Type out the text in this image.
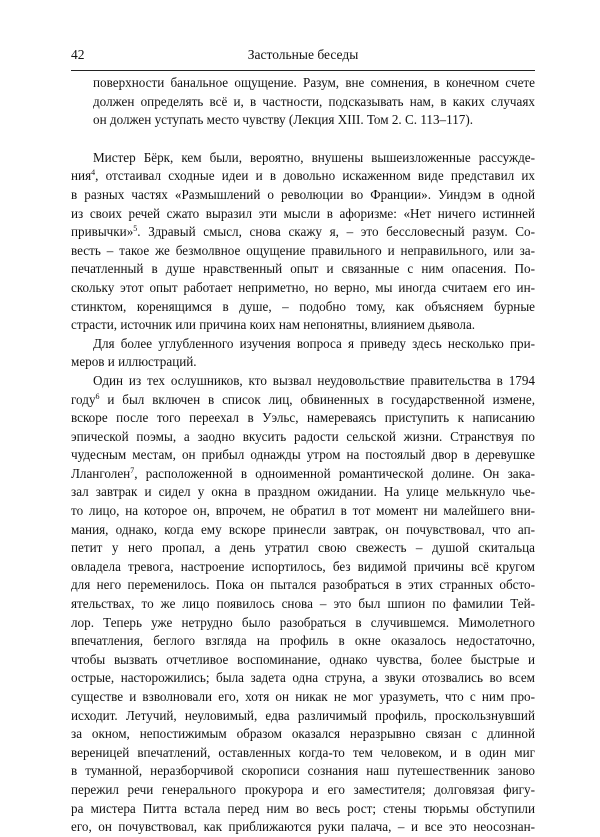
42	Застольные беседы

поверхности банальное ощущение. Разум, вне сомнения, в конечном счете
должен определять всё и, в частности, подсказывать нам, в каких случаях
он должен уступать место чувству (Лекция XIII. Том 2. С. 113–117).

Мистер Бёрк, кем были, вероятно, внушены вышеизложенные рассужде-
ния$^4$, отстаивал сходные идеи и в довольно искаженном виде представил их
в разных частях «Размышлений о революции во Франции». Уиндэм в одной
из своих речей сжато выразил эти мысли в афоризме: «Нет ничего истинней
привычки»$^5$. Здравый смысл, снова скажу я, – это бессловесный разум. Со-
весть – такое же безмолвное ощущение правильного и неправильного, или за-
печатленный в душе нравственный опыт и связанные с ним опасения. По-
скольку этот опыт работает неприметно, но верно, мы иногда считаем его ин-
стинктом, коренящимся в душе, – подобно тому, как объясняем бурные
страсти, источник или причина коих нам непонятны, влиянием дьявола.

Для более углубленного изучения вопроса я приведу здесь несколько при-
меров и иллюстраций.

Один из тех ослушников, кто вызвал неудовольствие правительства в 1794
году$^6$ и был включен в список лиц, обвиненных в государственной измене,
вскоре после того переехал в Уэльс, намереваясь приступить к написанию
эпической поэмы, а заодно вкусить радости сельской жизни. Странствуя по
чудесным местам, он прибыл однажды утром на постоялый двор в деревушке
Лланголен$^7$, расположенной в одноименной романтической долине. Он зака-
зал завтрак и сидел у окна в праздном ожидании. На улице мелькнуло чье-
то лицо, на которое он, впрочем, не обратил в тот момент ни малейшего вни-
мания, однако, когда ему вскоре принесли завтрак, он почувствовал, что ап-
петит у него пропал, а день утратил свою свежесть – душой скитальца
овладела тревога, настроение испортилось, без видимой причины всё кругом
для него переменилось. Пока он пытался разобраться в этих странных обсто-
ятельствах, то же лицо появилось снова – это был шпион по фамилии Тей-
лор. Теперь уже нетрудно было разобраться в случившемся. Мимолетного
впечатления, беглого взгляда на профиль в окне оказалось недостаточно,
чтобы вызвать отчетливое воспоминание, однако чувства, более быстрые и
острые, насторожились; была задета одна струна, а звуки отозвались во всем
существе и взволновали его, хотя он никак не мог уразуметь, что с ним про-
исходит. Летучий, неуловимый, едва различимый профиль, проскользнувший
за окном, непостижимым образом оказался неразрывно связан с длинной
вереницей впечатлений, оставленных когда-то тем человеком, и в один миг
в туманной, неразборчивой скорописи сознания наш путешественник заново
пережил речи генерального прокурора и его заместителя; долговязая фигу-
ра мистера Питта встала перед ним во весь рост; стены тюрьмы обступили
его, он почувствовал, как приближаются руки палача, – и все это неосознан-
